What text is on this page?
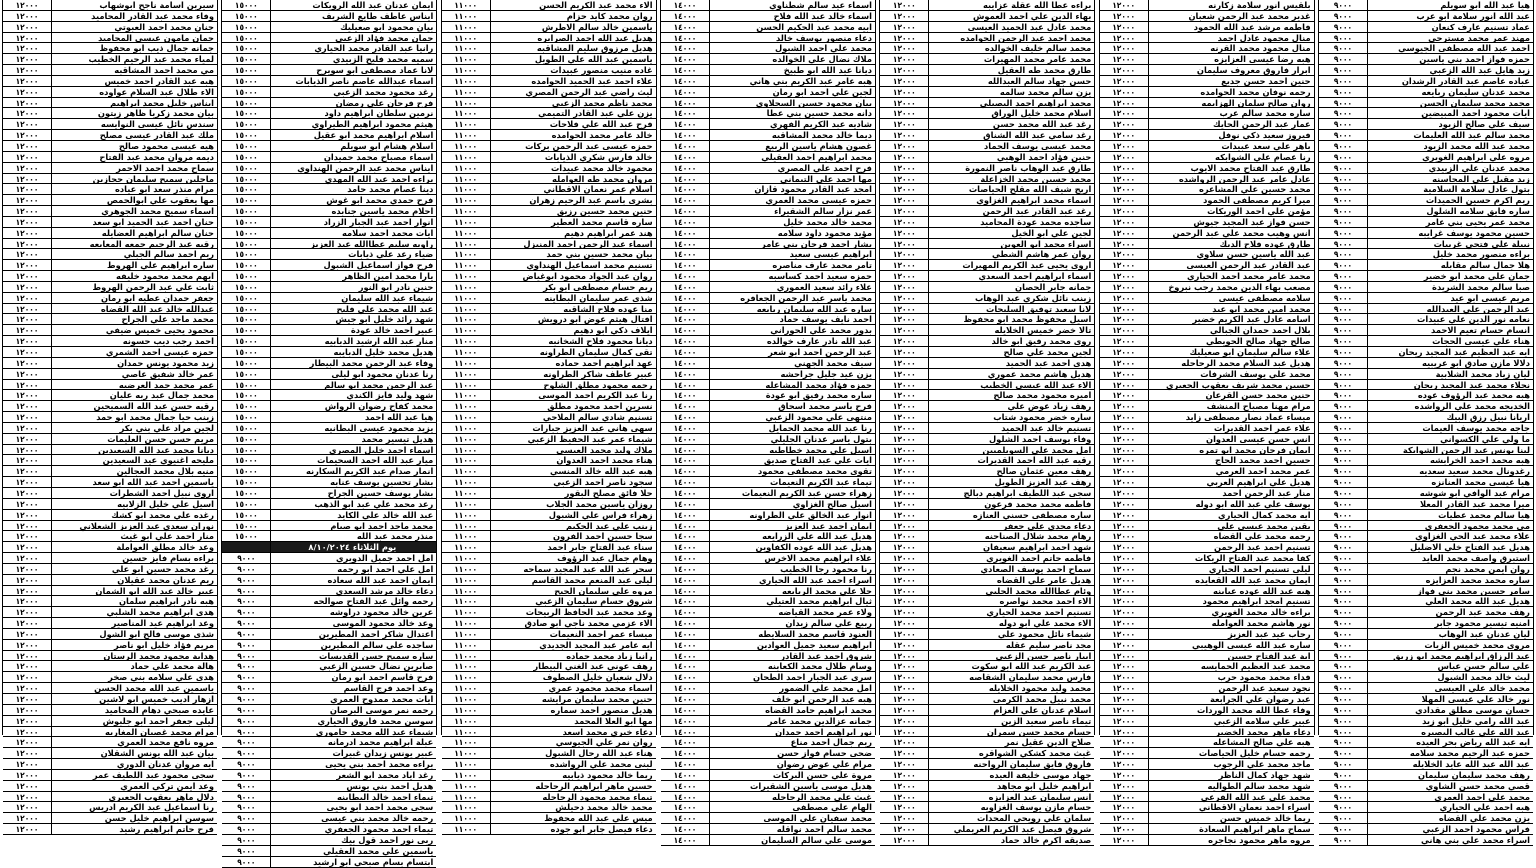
١٢٠٠٠	سيرين اسامة ناجح ابوشهاب
١٢٠٠٠	وفاء محمد عبد القادر المحاميد
١٢٠٠٠	جنان محمد احمد العبوتي
١٢٠٠٠	جمان مامون عيسى المحاميد
١٢٠٠٠	جمانه جمال ذيب ابو محفوظ
١٢٠٠٠	لمياء محمد عبد الرحيم الخطيب
١٢٠٠٠	مي محمد احمد المشاقبه
١٢٠٠٠	هبه عبد القادر احمد خميس
١٢٠٠٠	الاء طلال عبد السلام عواوده
١٢٠٠٠	ايناس خليل محمد ابراهيم
١٢٠٠٠	بيان محمد زكريا ظاهر زيتون
١٢٠٠٠	سندس نائل عيسى النوايسه
١٢٠٠٠	ملك عبد القادر عيسى مصلح
١٢٠٠٠	هيه عيسى محمود صالح
١٢٠٠٠	ديمه مروان محمد عبد الفتاح
١٢٠٠٠	سماح محمد احمد الاحمر
١٢٠٠٠	ماجلين سميح سليمان حجازين
١٢٠٠٠	مرام منذر سعد ابو عياده
١٢٠٠٠	مها يعقوب علي ابوالحمص
١٢٠٠٠	اسماء سميح محمد الجوهري
١٢٠٠٠	حنان احمد عبد الحميد ابو سعد
١٢٠٠٠	حنان سالم ابراهيم العضايله
١٢٠٠٠	رقيه عبد الرحيم جمعه المعايعه
١٢٠٠٠	ريم احمد سالم الجبلي
١٢٠٠٠	ساره ابراهيم علي الهروط
١٢٠٠٠	ايهم محمد محمود خليفه
١٢٠٠٠	ثابت علي عبد الرحمن الهروط
١٢٠٠٠	جعفر حمدان عطيه ابو رمان
١٢٠٠٠	عبدالله خالد عبد الله القضاه
١٢٠٠٠	محمد ماجد علي الجراح
١٢٠٠٠	محمود يحيى خميس ضيفي
١٢٠٠٠	احمد رجب ديب حسونه
١٢٠٠٠	حمزه عيسى احمد الشمري
١٢٠٠٠	زيد محمود يونس حمدان
١٢٠٠٠	عمر خالد شفيق عاصي
١٢٠٠٠	عمر محمد حمد العرضيه
١٢٠٠٠	محمد جمال عبد ربه عليان
١٢٠٠٠	رقيه حسن عبد الله السميحين
١٢٠٠٠	زينب حيا جمال محمد ابو حمد
١٢٠٠٠	لجين مراد علي بني بكر
١٢٠٠٠	مريم حسن حسن العليمات
١٢٠٠٠	ديانا محمد عبد الله السعيدين
١٢٠٠٠	مليحه اغنيوي عيد السعيدين
١٢٠٠٠	منيه بلال محمد العجالين
١٢٠٠٠	ياسمين احمد عبد الله ابو سعد
١٢٠٠٠	اروى نبيل احمد الشطرات
١٢٠٠٠	اسيل علي خليل الزلابيه
١٢٠٠٠	رغده علي محمد ابو كشك
١٢٠٠٠	نوران سعدي عبد العزيز الشعلاني
١٢٠٠٠	منار احمد علي ابو غيث
١٢٠٠٠	وعد خالد مطلق العواملة
١٢٠٠٠	براءه بسام فايز حسين
١٢٠٠٠	رغد محمد حسين ابو علي
١٢٠٠٠	ريم عدنان محمد عقيلان
١٢٠٠٠	عبير خالد عبد الله ابو الشمان
١٢٠٠٠	هبه نادر ابراهيم سلمان
١٢٠٠٠	هدى ابراهيم محمد الشلبي
١٢٠٠٠	وعد ابراهيم عيد المناصير
١٢٠٠٠	شذى موسى فالح ابو الشول
١٢٠٠٠	مريم فؤاد خليل ابو ناصر
١٢٠٠٠	هداية محمود محمد الرستان
١٢٠٠٠	هالة محمد علي حماد
١٢٠٠٠	هدى علي سلامه بني صخر
١٢٠٠٠	ياسمين عبد الله محمد الحسن
١٢٠٠٠	ازهار اديب خميس ابو لاشين
١٢٠٠٠	عايده صبحي دهام المحاميد
١٢٠٠٠	ليلى جعفر احمد ابو جلبوش
١٢٠٠٠	مرام محمد غصبان المغاربه
١٢٠٠٠	مروه نافع محمد العمري
١٢٠٠٠	بيان عبد الله يونس الشقلان
١٢٠٠٠	ايه مروان عدنان الدوري
١٢٠٠٠	سجى محمود عبد اللطيف عمر
١٢٠٠٠	وعد ايمن تركي العمري
١٢٠٠٠	دلال ماهر يعقوب الجعبري
١٢٠٠٠	رنا اسماعيل عبد الكريم ادريس
١٢٠٠٠	سوسن ابراهيم خليل حسن
١٢٠٠٠	فرح حاتم ابراهيم رشيد
١٥٠٠٠	ايمان عدنان عبد الله الرويكات
١٥٠٠٠	ايناس عاطف طايع الشريف
١٥٠٠٠	بيان محمود ابو صعيليك
١٥٠٠٠	جمان محمد فؤاد الزعبي
١٥٠٠٠	رانيا عبد القادر محمد الحياري
١٥٠٠٠	سميه محمد فليح الزبيدي
١٥٠٠٠	لانا عماد مصطفى ابو سويرح
١٥٠٠٠	اسماء عبدالله عاصم ناصر الذيابات
١٥٠٠٠	رغد محمود محمد الزعبي
١٥٠٠٠	فرح فرحان علي رمضان
١٥٠٠٠	نرمين سلطان ابراهيم داود
١٥٠٠٠	هيثم محمود ابراهيم الطيراوي
١٥٠٠٠	اسلام ابراهيم محمد ابو عقيل
١٥٠٠٠	اسلام هشام ابو سويلم
١٥٠٠٠	اسماء مصباح محمد حميدان
١٥٠٠٠	ايناس محمد عبد الرحمن الهنداوي
١٥٠٠٠	براءه احمد عبد الله المهدي
١٥٠٠٠	دينا عصام محمد حامد
١٥٠٠٠	فرح حمدي محمد ابو غوش
١٥٠٠٠	احلام محمد ياسين جنابده
١٥٠٠٠	انوار احمد عبد الجبار الزراد
١٥٠٠٠	ايات محمد احمد سلامه
١٥٠٠٠	راويه سليم عطاالله عبد العزيز
١٥٠٠٠	ضياء رعد علي ذيابات
١٥٠٠٠	فرح فواز اسماعيل الشبول
١٥٠٠٠	يارا محمد امين الظاهر
١٥٠٠٠	حنين نادر ابو النور
١٥٠٠٠	شيماء عبد الله سليمان
١٥٠٠٠	عبد الله محمد علي فليح
١٥٠٠٠	شهد رائد خليل ابو جيش
١٥٠٠٠	عبير احمد خالد عودة
١٥٠٠٠	منار عبد الله ارشيد الدبابيه
١٥٠٠٠	هديل محمد خليل الدبايبه
١٥٠٠٠	وفاء عبد الرحمن محمد البيطار
١٥٠٠٠	رنا عدنان محمود ابو ليلى
١٥٠٠٠	عبد الرحمن محمد ابو سالم
١٥٠٠٠	شهد وليد فايز الكندي
١٥٠٠٠	محمد كفاح رضوان الرواش
١٥٠٠٠	هيا عبد الله احمد
١٥٠٠٠	يزيد محمود عيسى البطانيه
١٥٠٠٠	هديل تيسير محمد
١٥٠٠٠	اسماء احمد خليل المصري
١٥٠٠٠	ميار عبد الله احمد السحيمات
١٥٠٠٠	انمار صدام عبد الكريم السكارنه
١٥٠٠٠	بشار تحسين يوسف عنابه
١٥٠٠٠	بشار يوسف حسين الجراح
١٥٠٠٠	رعد محمد علي عبد ابو الذهب
١٥٠٠٠	عبد الله خالد علي الكايد
١٥٠٠٠	محمد ماجد احمد ابو صيام
١٥٠٠٠	منذر محمد عبد الله
يوم الثلاثاء ٨/١٠/٢٠٢٤
٩٠٠٠	امل احمد جميل الدويري
٩٠٠٠	امل علي احمد ابو رحمه
٩٠٠٠	ايمان احمد عبد الله سعاده
٩٠٠٠	دعاء خالد مرشد السعدي
٩٠٠٠	رحمه وائل عبد الفتاح صوالحه
٩٠٠٠	عرين خالد محمود دراوشه
٩٠٠٠	وعد خالد محمود الموسى
٩٠٠٠	اعتدال شاكر احمد المطيرين
٩٠٠٠	ساجده علي سالم المطيرين
٩٠٠٠	ساره سميح حسن القديسات
٩٠٠٠	صابرين نضال حسين الزعبي
٩٠٠٠	فرح قاسم احمد ابو رمان
٩٠٠٠	وعد احمد فرج القاسم
٩٠٠٠	ايات محمد ممدوح العمري
٩٠٠٠	رحمه نمر موسى البرصان
٩٠٠٠	سوسن محمد فاروق الحياري
٩٠٠٠	شيماء عبد الله محمد حاموري
٩٠٠٠	عبلة ابراهيم محمد ادرمانه
٩٠٠٠	عبير يونس زيدان غبيرات
٩٠٠٠	براءه محمد احمد بني يحيى
٩٠٠٠	رغد اياد محمد ابو الشعر
٩٠٠٠	هديل احمد بني يونس
٩٠٠٠	تيماء احمد خالد البطاينه
٩٠٠٠	سجى محمد احمد ابو يحيى
٩٠٠٠	رحمه خالد محمد بني عيسى
٩٠٠٠	تيماء احمد محمود الجعفري
٩٠٠٠	ربى نور احمد قول بيك
٩٠٠٠	ياسمين علي محمد العقيلي
٩٠٠٠	ابتسام بسام صبحي ابو ارشيد
١١٠٠٠	الاء محمد عبد الكريم الحسن
١١٠٠٠	روان محمد كايد حزام
١١٠٠٠	ياسمين خالد سالم الاطرش
١١٠٠٠	هديل عبد الله احمد الصرايره
١١٠٠٠	هديل مرزوق سليم المشاقبه
١١٠٠٠	ياسمين عبد الله علي الطويل
١١٠٠٠	غاده منيب منصور عبيدات
١١٠٠٠	علاء احمد عبد الحميد الحوامده
١١٠٠٠	ليث راضي عبد الرحمن المصري
١١٠٠٠	محمد ناظم محمد الزعبي
١١٠٠٠	يزن علي عبد القادر التميمي
١١٠٠٠	فرح عبد الله علي فلاحات
١١٠٠٠	خالد عامر محمد الحوامده
١١٠٠٠	حمزه عيسى عبد الرحمن بركات
١١٠٠٠	خالد فارس شكري الذيابات
١١٠٠٠	محمود خالد محمد عبيدات
١١٠٠٠	مروان محمد طه العوامله
١١٠٠٠	اسلام عمر نعمان الاقطاني
١١٠٠٠	بشرى باسم عبد الرحيم زهران
١١٠٠٠	حنين محمد حسين رزيق
١١٠٠٠	ساره قاسم محمد العطير
١١٠٠٠	هند عمر ابراهيم دهيم
١١٠٠٠	اسماء عبد الرحمن احمد المنيزل
١١٠٠٠	بيان محمد حسين بني حمد
١١٠٠٠	تسنيم محمد اسماعيل الهنداوي
١١٠٠٠	روان عبد الجواد محمود ابوغياض
١١٠٠٠	ريم حسام مصطفى ابو بكر
١١٠٠٠	شذى عمر سليمان البطاينه
١١٠٠٠	منا عوده فلاح الشاقبه
١١٠٠٠	افتال هيثم عوض ابو درويش
١١٠٠٠	ايلاف ذكي ابو دهيم
١١٠٠٠	ديانا محمود فلاح الشخانبه
١١٠٠٠	تقى كمال سليمان الطراونه
١١٠٠٠	عهد ابراهيم احمد حماده
١١٠٠٠	عبير عاطف شاكر الطراونه
١١٠٠٠	رحمه محمود مطلق الشلوح
١١٠٠٠	رنا عبد الكريم احمد الموسى
١١٠٠٠	نسرين احمد محمود مطلق
١١٠٠٠	تسنيم شادي سالم الملاحي
١١٠٠٠	سهى هاني عبد العزيز جبارات
١١٠٠٠	شيماء عمر عبد الحفيظ الزعبي
١١٠٠٠	ملاك وليد محمد العيسى
١١٠٠٠	هناء محمد احمد العدوان
١١٠٠٠	هبه عبد الله خالد المنسي
١١٠٠٠	سجود ناصر احمد الزعبي
١١٠٠٠	حلا فائق مصلح البقور
١١٠٠٠	روزان ياسين محمد الجلاب
١١٠٠٠	زهراء فراس علي الشبول
١١٠٠٠	زينب علي عبد الحكيم
١١٠٠٠	سجا حسين احمد الفرون
١١٠٠٠	سناء عبد الفتاح جابر احمد
١١٠٠٠	وهام جمال عبد الرؤوف
١١٠٠٠	سحر عبد الله عبد المجيد سماحه
١١٠٠٠	ليلى عبد المنعم محمد القاسم
١١٠٠٠	مروه علي سليمان الحيح
١١٠٠٠	شروق حسام سليمان الزعبي
١١٠٠٠	وعد محمد عبد الحافظ الربيحات
١١٠٠٠	الاء عزمي محمد ناجي ابو صادق
١١٠٠٠	ميساء عمر احمد النعيمات
١١٠٠٠	ايه عامر عبد المجيد الجديدي
١١٠٠٠	رانيا زياد محمد حماده
١١٠٠٠	رهف عوني عبد الغني البيطار
١١٠٠٠	دلال شعبان خليل الصطوف
١١٠٠٠	اسماء محمد محمود عمري
١١٠٠٠	حنين محمد سليمان مرايشه
١١٠٠٠	هديل منصور احمد سماره
١١٠٠٠	مها ابو العلا المحمد
١١٠٠٠	دعاء خيري محمد اسعد
١١٠٠٠	روان نمر علي الجيوسي
١١٠٠٠	هناء عبد الله رحال الشبول
١١٠٠٠	لبنى محمد علي الرواشده
١١٠٠٠	ريما خالد محمود ذيابيه
١١٠٠٠	حسين ماهر ابراهيم الرحاحله
١١٠٠٠	تيماء محمد محمود الرحاحله
١١٠٠٠	محمد خالد محمد دحيلش
١١٠٠٠	ميس علي عبد الله محفوظ
١١٠٠٠	دعاء فيصل جابر ابو جوده
١٤٠٠٠	اسماء عيد سالم شطناوي
١٤٠٠٠	اسماء خالد عبد الله فلاح
١٤٠٠٠	ابيه محمد عبد الحكيم الحسن
١٤٠٠٠	دعاء منصور يوسف خالد
١٤٠٠٠	محمد علي احمد الشبول
١٤٠٠٠	ملاك نضال علي الخوالده
١٤٠٠٠	ديانا عبد الله ابو طبيخ
١٤٠٠٠	هبه عامر عبد الكريم بني هاني
١٤٠٠٠	لجين علي احمد ابو رمان
١٤٠٠٠	بيان محمود حسين السجلاوي
١٤٠٠٠	دانه محمد حسين بني عطا
١٤٠٠٠	شاديه عبد الكريم الفهري
١٤٠٠٠	ديما خالد محمد المشاقبه
١٤٠٠٠	غصون هشام ياسين الربيع
١٤٠٠٠	محمد ابراهيم احمد العقيلي
١٤٠٠٠	فرح احمد علي المصري
١٤٠٠٠	مها احمد علي التيماني
١٤٠٠٠	امجد عبد القادر محمود قازان
١٤٠٠٠	حمزه عيسى محمد العمري
١٤٠٠٠	عمر نزار سالم الشقيراء
١٤٠٠٠	محمد خالد محمد خليل
١٤٠٠٠	مؤيد محمود داود سلامه
١٤٠٠٠	بشار احمد فرحان بني عامر
١٤٠٠٠	ابراهيم عيسى سعيد
١٤٠٠٠	تامر محمد عارف مناصره
١٤٠٠٠	حمزه سعيد احمد كساسبه
١٤٠٠٠	علاء رائد سعيد العموري
١٤٠٠٠	محمد ياسر عبد الرحمن الجعافره
١٤٠٠٠	ساره عبد الله سليمان ربابعه
١٤٠٠٠	احمد نايف يوسف حماد
١٤٠٠٠	بدور محمد علي الحوراني
١٤٠٠٠	عبد الله نادر عارف خوالده
١٤٠٠٠	عبد الرحمن احمد ابو شعر
١٤٠٠٠	سيف محمد الجهني
١٤٠٠٠	يزن عيد جليل جراحشه
١٤٠٠٠	حمزه فؤاد محمد المشاعله
١٤٠٠٠	ساره محمد رفيق ابو عودة
١٤٠٠٠	فرح ياسر محمد اسحاق
١٤٠٠٠	منتهى علي محمود الزعبي
١٤٠٠٠	رنا عبد الله محمد الحمايل
١٤٠٠٠	بتول ياسر عدنان الجليلي
١٤٠٠٠	اسيل علي محمد خطاطبه
١٤٠٠٠	ايات علي عبد الفتاح صديق
١٤٠٠٠	تقوى محمد مصطفى محمود
١٤٠٠٠	تيماء عبد الكريم النعيمات
١٤٠٠٠	زهراء حسن عبد الكريم النعيمات
١٤٠٠٠	اسيل صالح الغزاوي
١٤٠٠٠	انوار عبد الخالق علي الطراونه
١٤٠٠٠	ايمان احمد عبد العزيز
١٤٠٠٠	هديل عبد الله علي الزرايعه
١٤٠٠٠	هديل عبد الله عوده الكفاوين
١٤٠٠٠	علاء ابراهيم محمد الاخرس
١٤٠٠٠	رنا محمود رجا الخطيب
١٤٠٠٠	اسراء احمد عبد الله الحياري
١٤٠٠٠	حلا علي محمد الربابعه
١٤٠٠٠	ثيال ابراهيم محمد العتيلي
١٤٠٠٠	ولاء عمر محمد القياضه
١٤٠٠٠	ربيع علي سالم زيدان
١٤٠٠٠	العنود قاسم محمد السلايطه
١٤٠٠٠	ابراهيم سعيد جميل العوادين
١٤٠٠٠	شروق احمد عبد القادر
١٤٠٠٠	وسام طلال محمد الكعابنه
١٤٠٠٠	سرى عبد الجبار احمد الطحان
١٤٠٠٠	امل محمد علي الضمور
١٤٠٠٠	هبه عبد الرحمن ابو خلف
١٤٠٠٠	محمد ابراهيم حامد القضاه
١٤٠٠٠	جمانه عزالدين محمد عامر
١٤٠٠٠	نور ابراهيم احمد حمدان
١٤٠٠٠	ريم جمال احمد مناع
١٤٠٠٠	ضحى حسام فواز حسن
١٤٠٠٠	مرام علي عوض رضوان
١٤٠٠٠	مروة علي حسن البركات
١٤٠٠٠	هديل موسى ياسين الشقيرات
١٤٠٠٠	غيث علي محمد الرحاحله
١٤٠٠٠	الهام علي مصطفى
١٤٠٠٠	محمد سفيان علي الموسى
١٤٠٠٠	محمد سالم احمد نواقله
١٤٠٠٠	موسى علي سالم السليمان
١٢٠٠٠	براءه عطا الله عقلة عزايبه
١٢٠٠٠	بهاء الدين علي احمد العموش
١٢٠٠٠	محمد عادل عبد الحميد العيسى
١٢٠٠٠	محمد احمد عبد الرحمن الحوامده
١٢٠٠٠	محمد سالم خليف الخوالده
١٢٠٠٠	محمد عامر محمد المهيرات
١٢٠٠٠	طارق محمد طه العقيل
١٢٠٠٠	حسن جهاد سالم العبدالله
١٢٠٠٠	يزن سالم محمد سالمه
١٢٠٠٠	محمد ابراهيم احمد البصيلي
١٢٠٠٠	اسلام محمد خليل الوراق
١٢٠٠٠	رغد عبد الله محمد حسن
١٢٠٠٠	رغد سامي عبد الله الشناق
١٢٠٠٠	محمد عيسى يوسف الجماد
١٢٠٠٠	حنين فؤاد احمد الوهبي
١٢٠٠٠	طارق عبد الوهاب ناصر النمورة
١٢٠٠٠	محمد حسين محمد الخزاعلة
١٢٠٠٠	اريج شيف الله مقلح الحياصات
١٢٠٠٠	اسماء محمد ابراهيم الغزاوي
١٢٠٠٠	رغد عبد القادر عبد الرحمن
١٢٠٠٠	ساجده محمد عودة المحاميد
١٢٠٠٠	لجين علي ابو الخيل
١٢٠٠٠	اسراء محمد ابو العوين
١٢٠٠٠	روان عمر هاشم الشطي
١٢٠٠٠	اروى يحيى عبد الكريم المهيرات
١٢٠٠٠	اسماء ابراهيم احمد السعدي
١٢٠٠٠	جمانه جابر الحصان
١٢٠٠٠	زينب نائل شكري عبد الوهاب
١٢٠٠٠	لانا سعيد توفيق السليحات
١٢٠٠٠	اسيل محفوظ محمد ابو محفوظ
١٢٠٠٠	تالا خضر خميس الخلايله
١٢٠٠٠	روى محمد رفيق ابو خالد
١٢٠٠٠	لجين محمد علي صالح
١٢٠٠٠	هدى احمد عبد الحميد
١٢٠٠٠	هديل هاشم محمد عموري
١٢٠٠٠	الاء عبد الله عيسى الخطيب
١٢٠٠٠	اميره محمود محمد صالح
١٢٠٠٠	رهف زياد عوض علي
١٢٠٠٠	ساره خضر محمود شتاب
١٢٠٠٠	تسنيم خالد عبد الحميد
١٢٠٠٠	وفاء يوسف احمد الشلول
١٢٠٠٠	امل محمد علي السويلميين
١٢٠٠٠	رقيه عبد الله احمد القديرات
١٢٠٠٠	رهف معين عثمان صالح
١٢٠٠٠	رهف عبد العزيز الطويل
١٢٠٠٠	سجى عبد اللطيف ابراهيم دبالج
١٢٠٠٠	فاطمه محمد محمد فرعون
١٢٠٠٠	ساره مصطفى حسني العنازه
١٢٠٠٠	دعاء مجدي علي جعفر
١٢٠٠٠	رهام محمد شلال الصناحنه
١٢٠٠٠	شهد احمد ابراهيم سعيفان
١٢٠٠٠	فاطمه حاتم احمد الغويري
١٢٠٠٠	سماح احمد يوسف الصعادي
١٢٠٠٠	هديل عامر علي القضاه
١٢٠٠٠	وئام عطاالله محمد الحلبي
١٢٠٠٠	الاء احمد محمد نواصره
١٢٠٠٠	تسنيم احمد محمد الحياري
١٢٠٠٠	الاء محمد علي ابو دوله
١٢٠٠٠	شيماء نائل محمود علي
١٢٠٠٠	مجد ناصر سليم عقله
١٢٠٠٠	ابيار ناصر حسن الزعبي
١٢٠٠٠	عبد الكريم عبد الله ابو سكوت
١٢٠٠٠	فارس محمد سليمان الشقاصه
١٢٠٠٠	محمد وليد محمود الخلايله
١٢٠٠٠	محمد نبيل محمد الكرمى
١٢٠٠٠	اسلام عدنان علي العزام
١٢٠٠٠	تيماء ناصر سعيد الزين
١٢٠٠٠	حسام محمد حسن سمران
١٢٠٠٠	صلاح الدين عقيل نمر
١٢٠٠٠	غيث محمد كشكي الشواقره
١٢٠٠٠	فاروق فايق سليمان الرواحنه
١٢٠٠٠	جهاد موسى خليفة العيده
١٢٠٠٠	ابراهيم خليل ابو مجاهد
١٢٠٠٠	انس سليمان عيد العزايزه
١٢٠٠٠	حسام مازن يوسف الغزاويه
١٢٠٠٠	سلمان علي رويحي المحدات
١٢٠٠٠	شروق فيصل عبد الكريم العريملي
١٢٠٠٠	صديقه اكرم خالد حماد
١٢٠٠٠	بلقيس انور سلامة زكارنه
١٢٠٠٠	غدير محمد عبد الرحمن شعبان
١٢٠٠٠	فاطمه مرشد عبد الله الحمود
١٢٠٠٠	منال محمود عادل احمد
١٢٠٠٠	منال محمود محمد القرنه
١٢٠٠٠	هبه رضا عيسى العزايزه
١٢٠٠٠	ابرار فاروق معروف سليمان
١٢٠٠٠	حنين احمد حسن جديع
١٢٠٠٠	رحمه نوفان محمد الحوامده
١٢٠٠٠	روان صالح سلمان الهزايمه
١٢٠٠٠	ساره محمد سالم عرب
١٢٠٠٠	عمار عبد الرحمن الحايك
١٢٠٠٠	فيروز سعيد ذكي نوفل
١٢٠٠٠	باهر علي سعد عبيدات
١٢٠٠٠	رنا عصام علي الشوابكه
١٢٠٠٠	طارق عبد الفتاح محمد الايوب
١٢٠٠٠	عادل عامر عبد الرحمن الرواشده
١٢٠٠٠	محمد حسين علي المشاعره
١٢٠٠٠	ميرا كريم مصطفى الحمود
١٢٠٠٠	مؤمن علي احمد الوريكات
١٢٠٠٠	حسن فواز عبد المجيد جيوش
١٢٠٠٠	انس وهيب محمد علي عبد الرحمن
١٢٠٠٠	طارق عوده فلاح الدبك
١٢٠٠٠	عبد الله ياسين حسن سلاوي
١٢٠٠٠	عبد القادر عبد الرحمن العيسى
١٢٠٠٠	محمد عامر محمد احمد الحياري
١٢٠٠٠	مصعب بهاء الدين محمد رجب نبروخ
١٢٠٠٠	سلامه مصطفى عيسى
١٢٠٠٠	محمد امين محمد ابو عيد
١٢٠٠٠	اسامه عادل عبد الكريم خضير
١٢٠٠٠	بلال احمد حمدان الجبالي
١٢٠٠٠	صالح جهاد صالح الحويطي
١٢٠٠٠	علاء سالم سليمان ابو صعيليك
١٢٠٠٠	هديل عبد السلام محمد الرحاحله
١٢٠٠٠	محمد علي يوسف الشرفات
١٢٠٠٠	حسين محمد شريف يعقوب الجعبري
١٢٠٠٠	حنين محمد حسن القرعان
١٢٠٠٠	مرام مهنا مصباح المنشف
١٢٠٠٠	ميساء عماد نصار مصطفى زايد
١٢٠٠٠	علاء عمر احمد القديرات
١٢٠٠٠	انس حسن عيسى العدوان
١٢٠٠٠	ايمان فرحان محمد ابو تمره
١٢٠٠٠	حسين احمد محمد الحاج
١٢٠٠٠	عمر محمد احمد العرمي
١٢٠٠٠	هديل علي ابراهيم العربي
١٢٠٠٠	منار عبد الرحمن احمد
١٢٠٠٠	يوسف علي عبد الله ابو دوله
١٢٠٠٠	ايه محمد كمال الحياري
١٢٠٠٠	يقين محمد عيسى علي
١٢٠٠٠	رحمه محمد علي القضاه
١٢٠٠٠	تسنيم احمد عبد الرحمن
١٢٠٠٠	كفا محمد عبد الفتاح الريكات
١٢٠٠٠	ليلى تسنيم احمد الحياري
١٢٠٠٠	ايمان محمد عبد الله القعايده
١٢٠٠٠	هبه عبد الله عوده عبابنه
١٢٠٠٠	تسنيم امجد ابراهيم محمود
١٢٠٠٠	براءه خالد محمد الغويري
١٢٠٠٠	نور هاشم محمد العوامله
١٢٠٠٠	رحاب عيد عبد العزيز
١٢٠٠٠	ساره عبد الله عيسى الوهيبي
١٢٠٠٠	اية عبد الفتاح حسين
١٢٠٠٠	محمد عبد العظيم الحمايسه
١٢٠٠٠	فداء محمد محمود حرب
١٢٠٠٠	نجود سعيد عبد الرحمن
١٢٠٠٠	عبد رضوان علي الجرابعة
١٢٠٠٠	وفاء عطا الله محمد الوردات
١٢٠٠٠	عبير علي سلامه الزعبي
١٢٠٠٠	دعاء ماهر محمد الخضير
١٢٠٠٠	هبه علي صالح المشاعله
١٢٠٠٠	رحمه حسام خليل الحياصات
١٢٠٠٠	ماجد محمد علي الرجوب
١٢٠٠٠	شهد جهاد كمال الناظر
١٢٠٠٠	شهد محمد سالم الطواليه
١٢٠٠٠	محمد علي عبد الله الفرعي
١٢٠٠٠	اسراء احمد نعمان الاقطاني
١٢٠٠٠	ريما خالد خميس حسن
١٢٠٠٠	سماح ماهر ابراهيم السعادة
١٢٠٠٠	مروه ماهر محمود نجاجره
٩٠٠٠	هيا عبد الله ابو سويلم
٩٠٠٠	عبد الله انور سلامة ابو عرب
٩٠٠٠	عماد تسنيم عارف كنعان
٩٠٠٠	مهند عمر محمد مسترحي
٩٠٠٠	احمد عبد الله مصطفى الجيوسي
٩٠٠٠	حمزه فواز احمد بني ياسين
٩٠٠٠	زيد هايل عبد الله الزعبي
٩٠٠٠	عباده عاصم عبد القادر الرشدان
٩٠٠٠	محمد عدنان سليمان ربايعه
٩٠٠٠	محمد محمد سليمان الحسن
٩٠٠٠	ايات محمود احمد المبيضين
٩٠٠٠	سيف علي صالح الزيود
٩٠٠٠	محمد سالم عبد الله العليمات
٩٠٠٠	محمد عبد الله محمد الزيود
٩٠٠٠	مروه علي ابراهيم الغويري
٩٠٠٠	محمد عدنان علي الزبيدي
٩٠٠٠	زيد مقبل علي المحاسنه
٩٠٠٠	بتول عادل سلامة السلامية
٩٠٠٠	ريم اكرم حسين الحميدات
٩٠٠٠	ساره فايق سلامه الشلول
٩٠٠٠	محمد عمر يحيى بني عامر
٩٠٠٠	حسين محمود يوسف غرايبه
٩٠٠٠	نبيلة علي فتحي غربيات
٩٠٠٠	براءه منصور محمد خليل
٩٠٠٠	هلا جمال سالم مقابله
٩٠٠٠	جمان علي محمد ابو خضير
٩٠٠٠	صبا سالم محمد الشريدة
٩٠٠٠	مريم عيسى ابو عيد
٩٠٠٠	عبد الرحمن علي العبدالله
٩٠٠٠	نعامه نور الدين علي عبيدات
٩٠٠٠	انسام حسام تعيم الاحمد
٩٠٠٠	هناء علي عيسى الحجات
٩٠٠٠	ايه عبد العظيم عبد المجيد ريحان
٩٠٠٠	دلالا مازن صادق ابو عريبيه
٩٠٠٠	ليان زياد محمد الشلابية
٩٠٠٠	نجلاء محمد عبد المجيد ريحان
٩٠٠٠	هبه محمد عبد الرؤوف عوده
٩٠٠٠	الخديجه محمد علي الرواشده
٩٠٠٠	اريانا نبيل رزق البيك
٩٠٠٠	جاجه محمد يوسف العيمات
٩٠٠٠	ما ولي علي الكسواني
٩٠٠٠	لينا يونس عبد الرحمن الشوابكة
٩٠٠٠	هبه محمد احمد الخرابشه
٩٠٠٠	رغدونال محمد سعيد سعديه
٩٠٠٠	هيا عيسى محمد العنانزه
٩٠٠٠	مرام عبد الوافي ابو شوشه
٩٠٠٠	ميرا محمد عبد القادر المعلا
٩٠٠٠	هيا سالم محمد عطيات
٩٠٠٠	مي محمد محمود الجعفري
٩٠٠٠	علاء محمد عبد الحي الغزاوي
٩٠٠٠	هديل عبد الفتاح خلي الاضليل
٩٠٠٠	استبرق واصف محمد العايد
٩٠٠٠	روان ايمن محمد نجم
٩٠٠٠	ساره محمد محمد العزايزه
٩٠٠٠	سامر حسين محمد بني فواز
٩٠٠٠	هديل عبد الله محمد العلي
٩٠٠٠	رهف محمد عبد الرحمن
٩٠٠٠	امنيه تيسير محمود جابر
٩٠٠٠	ليان عدنان عبد الوهاب
٩٠٠٠	مروى محمد خميس الزيات
٩٠٠٠	عبد الرزاق ابراهيم محمد ابو زريق
٩٠٠٠	علي سالم حسن عباس
٩٠٠٠	ليث خالد محمد الشبول
٩٠٠٠	محمد خالد علي العيسى
٩٠٠٠	نور خالد علي عيسى المهلا
٩٠٠٠	حسان موسى مطلق مقدادي
٩٠٠٠	عبد الله رامي خليل ابو زيد
٩٠٠٠	عبد الله علي غالب البصيره
٩٠٠٠	ايه عبد الله رياض بحر العيده
٩٠٠٠	حمزه عبد الرحيم محمد سلامه
٩٠٠٠	عبد الله عبد الله عايد الخلايله
٩٠٠٠	رهف محمد سليمان سليمان
٩٠٠٠	قصي محمد حسن الشاوي
٩٠٠٠	محمد علي احمد العمري
٩٠٠٠	هبه احمد علي الحياري
٩٠٠٠	يزن محمد علي القضاه
٩٠٠٠	فراس محمود احمد الزعبي
٩٠٠٠	اسراء محمد علي بني هاني
